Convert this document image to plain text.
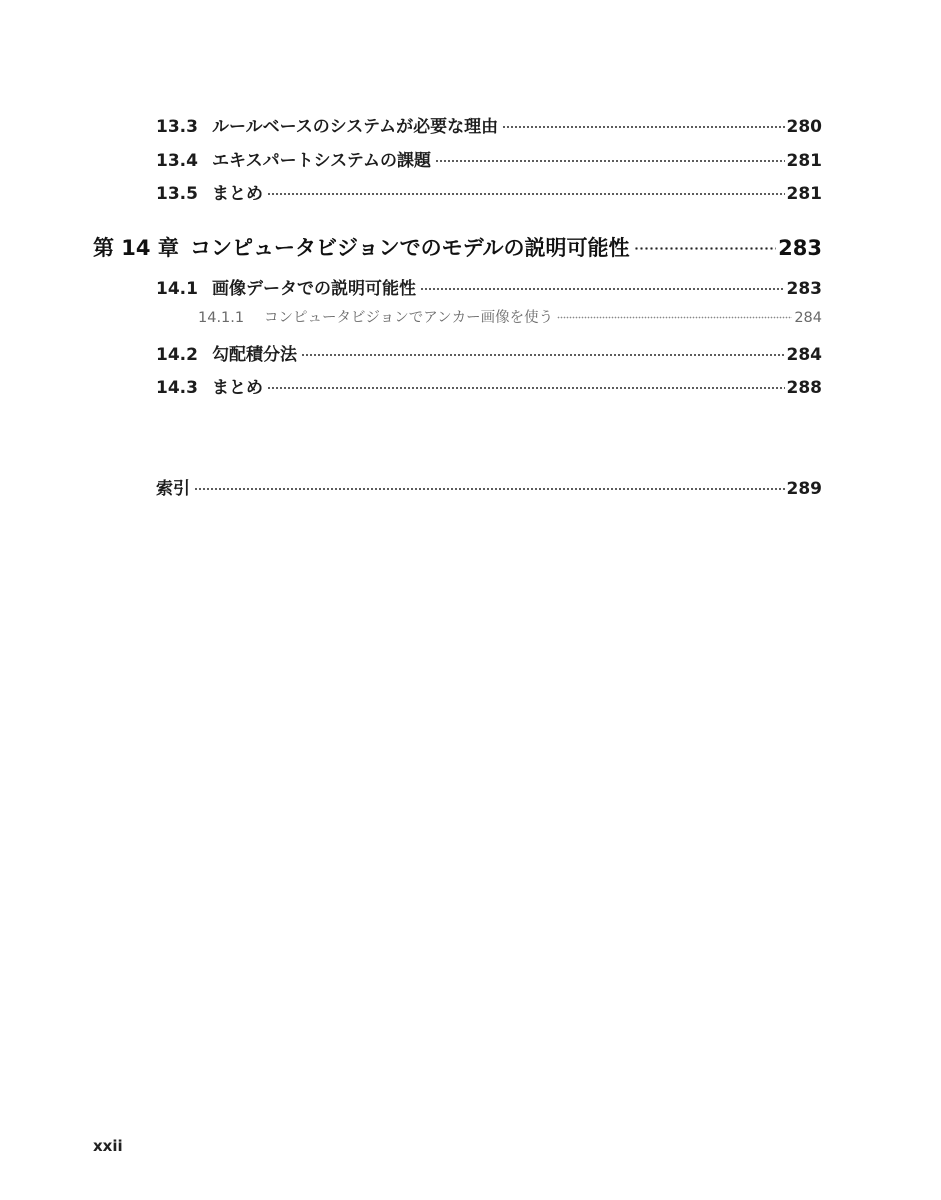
13.3 ルールベースのシステムが必要な理由	280
13.4 エキスパートシステムの課題	281
13.5 まとめ	281
第 14 章 コンピュータビジョンでのモデルの説明可能性	283
14.1 画像データでの説明可能性	283
14.1.1	コンピュータビジョンでアンカー画像を使う	284
14.2 勾配積分法	284
14.3 まとめ	288
索引	289
xxii
